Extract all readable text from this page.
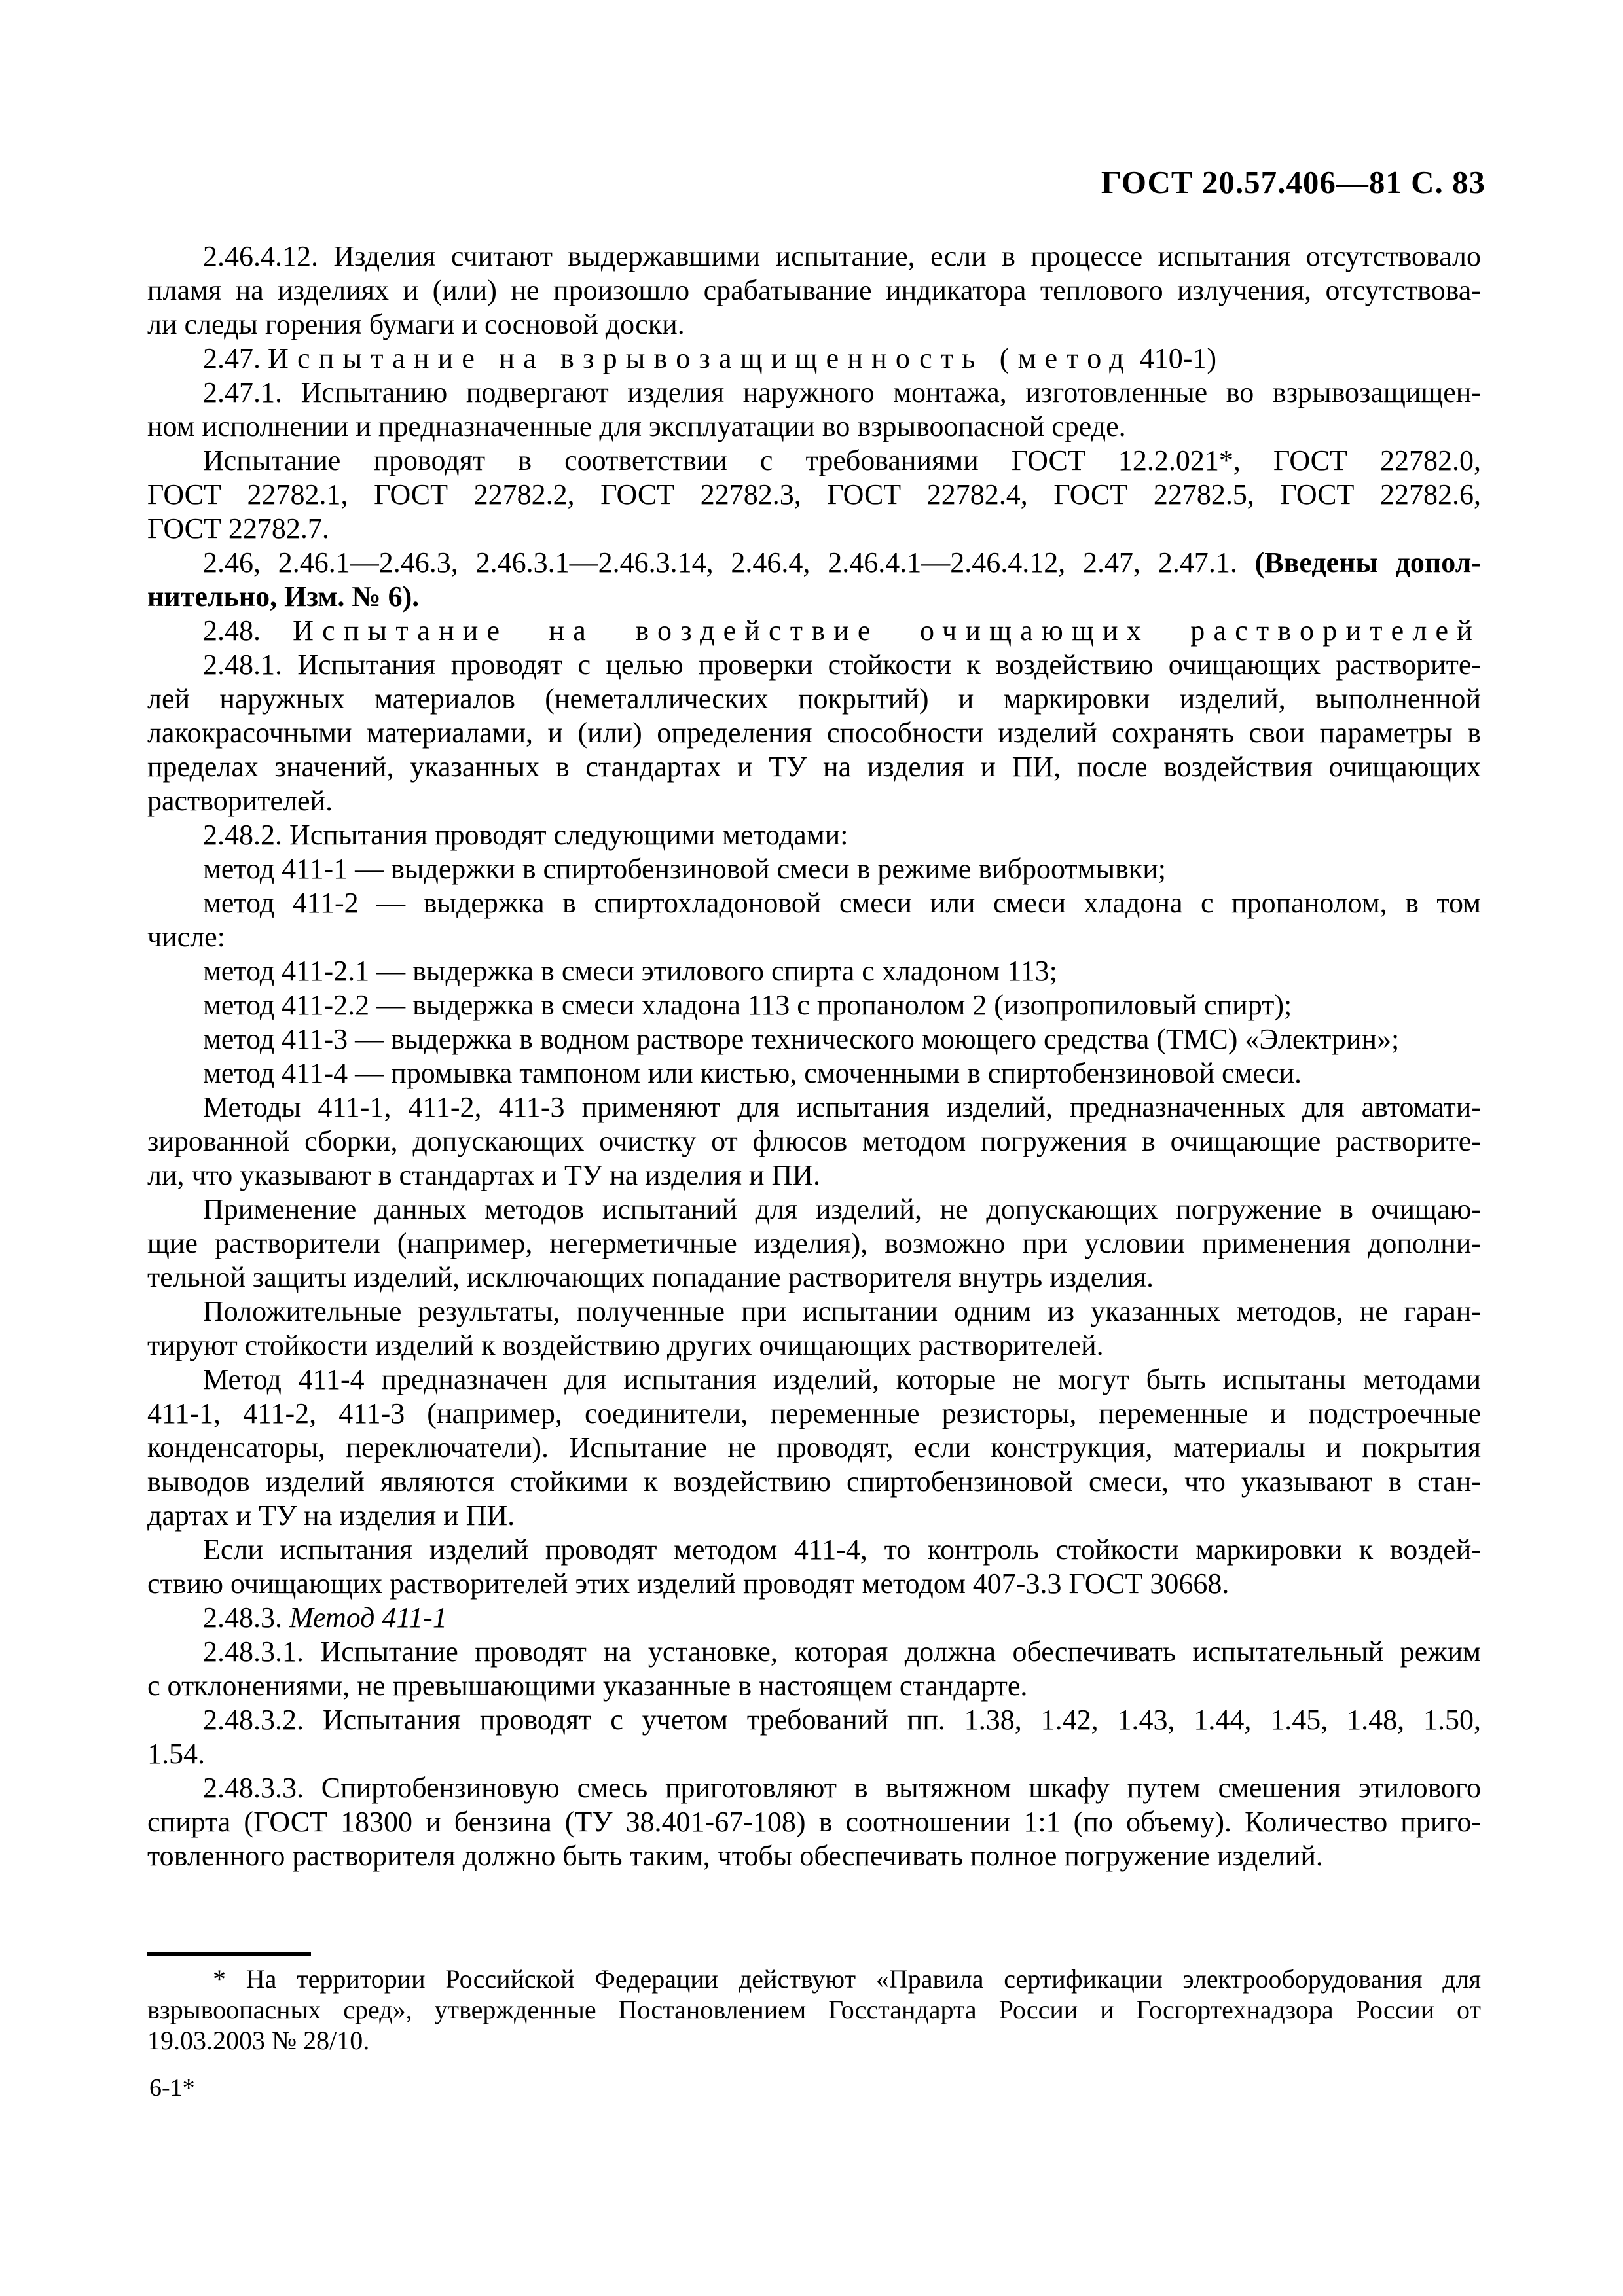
ГОСТ 20.57.406—81 С. 83
2.46.4.12. Изделия считают выдержавшими испытание, если в процессе испытания отсутствовало
пламя на изделиях и (или) не произошло срабатывание индикатора теплового излучения, отсутствова-
ли следы горения бумаги и сосновой доски.
2.47. Испытание на взрывозащищенность (метод 410-1)
2.47.1. Испытанию подвергают изделия наружного монтажа, изготовленные во взрывозащищен-
ном исполнении и предназначенные для эксплуатации во взрывоопасной среде.
Испытание проводят в соответствии с требованиями ГОСТ 12.2.021*, ГОСТ 22782.0,
ГОСТ 22782.1, ГОСТ 22782.2, ГОСТ 22782.3, ГОСТ 22782.4, ГОСТ 22782.5, ГОСТ 22782.6,
ГОСТ 22782.7.
2.46, 2.46.1—2.46.3, 2.46.3.1—2.46.3.14, 2.46.4, 2.46.4.1—2.46.4.12, 2.47, 2.47.1. (Введены допол-
нительно, Изм. № 6).
2.48. Испытание на воздействие очищающих растворителей
2.48.1. Испытания проводят с целью проверки стойкости к воздействию очищающих растворите-
лей наружных материалов (неметаллических покрытий) и маркировки изделий, выполненной
лакокрасочными материалами, и (или) определения способности изделий сохранять свои параметры в
пределах значений, указанных в стандартах и ТУ на изделия и ПИ, после воздействия очищающих
растворителей.
2.48.2. Испытания проводят следующими методами:
метод 411-1 — выдержки в спиртобензиновой смеси в режиме виброотмывки;
метод 411-2 — выдержка в спиртохладоновой смеси или смеси хладона с пропанолом, в том
числе:
метод 411-2.1 — выдержка в смеси этилового спирта с хладоном 113;
метод 411-2.2 — выдержка в смеси хладона 113 с пропанолом 2 (изопропиловый спирт);
метод 411-3 — выдержка в водном растворе технического моющего средства (ТМС) «Электрин»;
метод 411-4 — промывка тампоном или кистью, смоченными в спиртобензиновой смеси.
Методы 411-1, 411-2, 411-3 применяют для испытания изделий, предназначенных для автомати-
зированной сборки, допускающих очистку от флюсов методом погружения в очищающие растворите-
ли, что указывают в стандартах и ТУ на изделия и ПИ.
Применение данных методов испытаний для изделий, не допускающих погружение в очищаю-
щие растворители (например, негерметичные изделия), возможно при условии применения дополни-
тельной защиты изделий, исключающих попадание растворителя внутрь изделия.
Положительные результаты, полученные при испытании одним из указанных методов, не гаран-
тируют стойкости изделий к воздействию других очищающих растворителей.
Метод 411-4 предназначен для испытания изделий, которые не могут быть испытаны методами
411-1, 411-2, 411-3 (например, соединители, переменные резисторы, переменные и подстроечные
конденсаторы, переключатели). Испытание не проводят, если конструкция, материалы и покрытия
выводов изделий являются стойкими к воздействию спиртобензиновой смеси, что указывают в стан-
дартах и ТУ на изделия и ПИ.
Если испытания изделий проводят методом 411-4, то контроль стойкости маркировки к воздей-
ствию очищающих растворителей этих изделий проводят методом 407-3.3 ГОСТ 30668.
2.48.3. Метод 411-1
2.48.3.1. Испытание проводят на установке, которая должна обеспечивать испытательный режим
с отклонениями, не превышающими указанные в настоящем стандарте.
2.48.3.2. Испытания проводят с учетом требований пп. 1.38, 1.42, 1.43, 1.44, 1.45, 1.48, 1.50,
1.54.
2.48.3.3. Спиртобензиновую смесь приготовляют в вытяжном шкафу путем смешения этилового
спирта (ГОСТ 18300 и бензина (ТУ 38.401-67-108) в соотношении 1:1 (по объему). Количество приго-
товленного растворителя должно быть таким, чтобы обеспечивать полное погружение изделий.
* На территории Российской Федерации действуют «Правила сертификации электрооборудования для
взрывоопасных сред», утвержденные Постановлением Госстандарта России и Госгортехнадзора России от
19.03.2003 № 28/10.
6-1*
